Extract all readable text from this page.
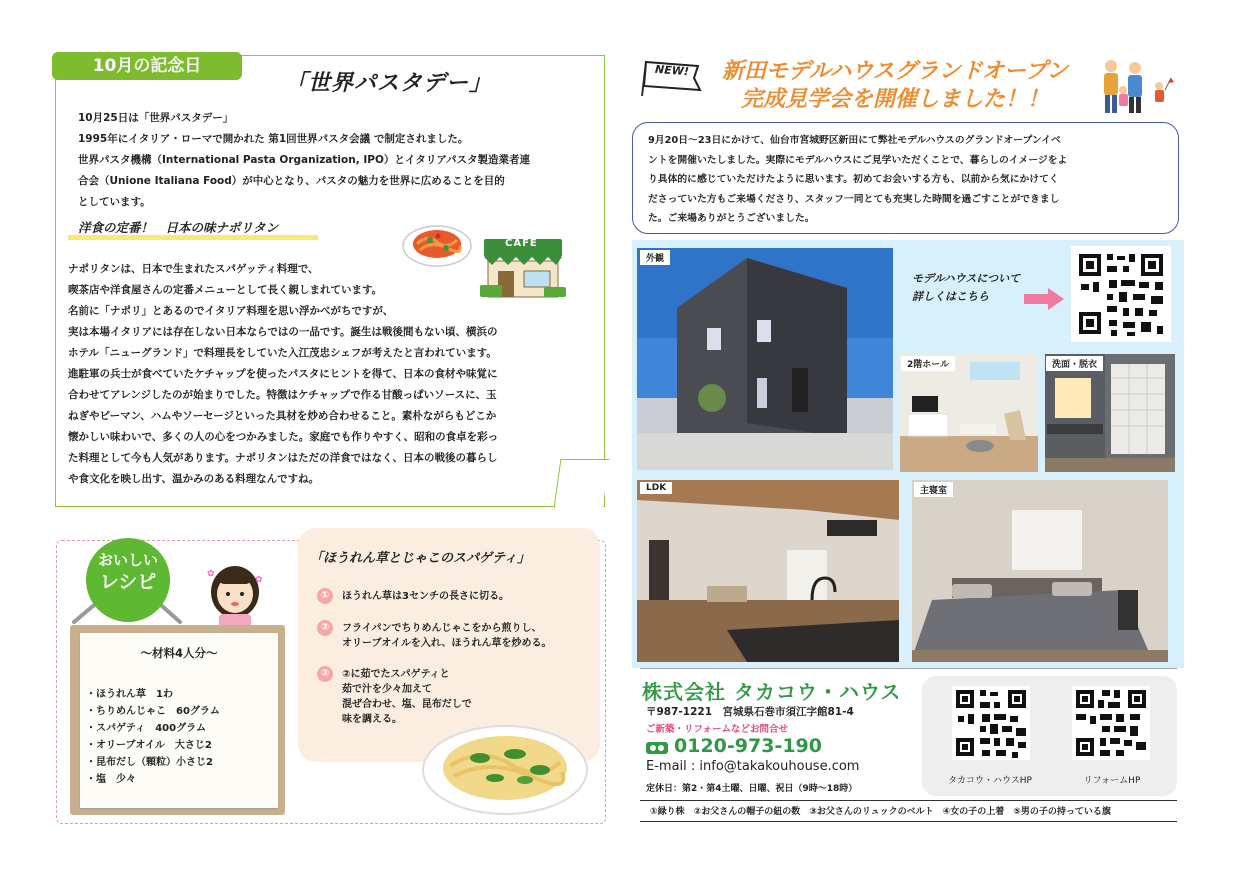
10月の記念日
「世界パスタデー」
10月25日は「世界パスタデー」
1995年にイタリア・ローマで開かれた 第1回世界パスタ会議 で制定されました。
世界パスタ機構（International Pasta Organization, IPO）とイタリアパスタ製造業者連
合会（Unione Italiana Food）が中心となり、パスタの魅力を世界に広めることを目的
としています。
洋食の定番！　日本の味ナポリタン
CAFE
ナポリタンは、日本で生まれたスパゲッティ料理で、
喫茶店や洋食屋さんの定番メニューとして長く親しまれています。
名前に「ナポリ」とあるのでイタリア料理を思い浮かべがちですが、
実は本場イタリアには存在しない日本ならではの一品です。誕生は戦後間もない頃、横浜の
ホテル「ニューグランド」で料理長をしていた入江茂忠シェフが考えたと言われています。
進駐軍の兵士が食べていたケチャップを使ったパスタにヒントを得て、日本の食材や味覚に
合わせてアレンジしたのが始まりでした。特徴はケチャップで作る甘酸っぱいソースに、玉
ねぎやピーマン、ハムやソーセージといった具材を炒め合わせること。素朴ながらもどこか
懐かしい味わいで、多くの人の心をつかみました。家庭でも作りやすく、昭和の食卓を彩っ
た料理として今も人気があります。ナポリタンはただの洋食ではなく、日本の戦後の暮らし
や食文化を映し出す、温かみのある料理なんですね。
おいしい
レシピ	✿
✿
～材料4人分～
・ほうれん草　1わ
・ちりめんじゃこ　60グラム
・スパゲティ　400グラム
・オリーブオイル　大さじ2
・昆布だし（顆粒）小さじ2
・塩　少々
「ほうれん草とじゃこのスパゲティ」
①	ほうれん草は3センチの長さに切る。
②	フライパンでちりめんじゃこをから煎りし、
オリーブオイルを入れ、ほうれん草を炒める。
③	②に茹でたスパゲティと
茹で汁を少々加えて
混ぜ合わせ、塩、昆布だしで
味を調える。
NEW!	新田モデルハウスグランドオープン
完成見学会を開催しました！！
9月20日～23日にかけて、仙台市宮城野区新田にて弊社モデルハウスのグランドオープンイベ
ントを開催いたしました。実際にモデルハウスにご見学いただくことで、暮らしのイメージをよ
り具体的に感じていただけたように思います。初めてお会いする方も、以前から気にかけてく
ださっていた方もご来場くださり、スタッフ一同とても充実した時間を過ごすことができまし
た。ご来場ありがとうございました。
外観
モデルハウスについて
詳しくはこちら
2階ホール	洗面・脱衣
LDK	主寝室
株式会社 タカコウ・ハウス
〒987-1221　宮城県石巻市須江字館81-4
ご新築・リフォームなどお問合せ
0120-973-190
E-mail : info@takakouhouse.com
定休日：第2・第4土曜、日曜、祝日（9時～18時）
タカコウ・ハウスHP	リフォームHP
①緑り株　②お父さんの帽子の紐の数　③お父さんのリュックのベルト　④女の子の上着　⑤男の子の持っている旗
